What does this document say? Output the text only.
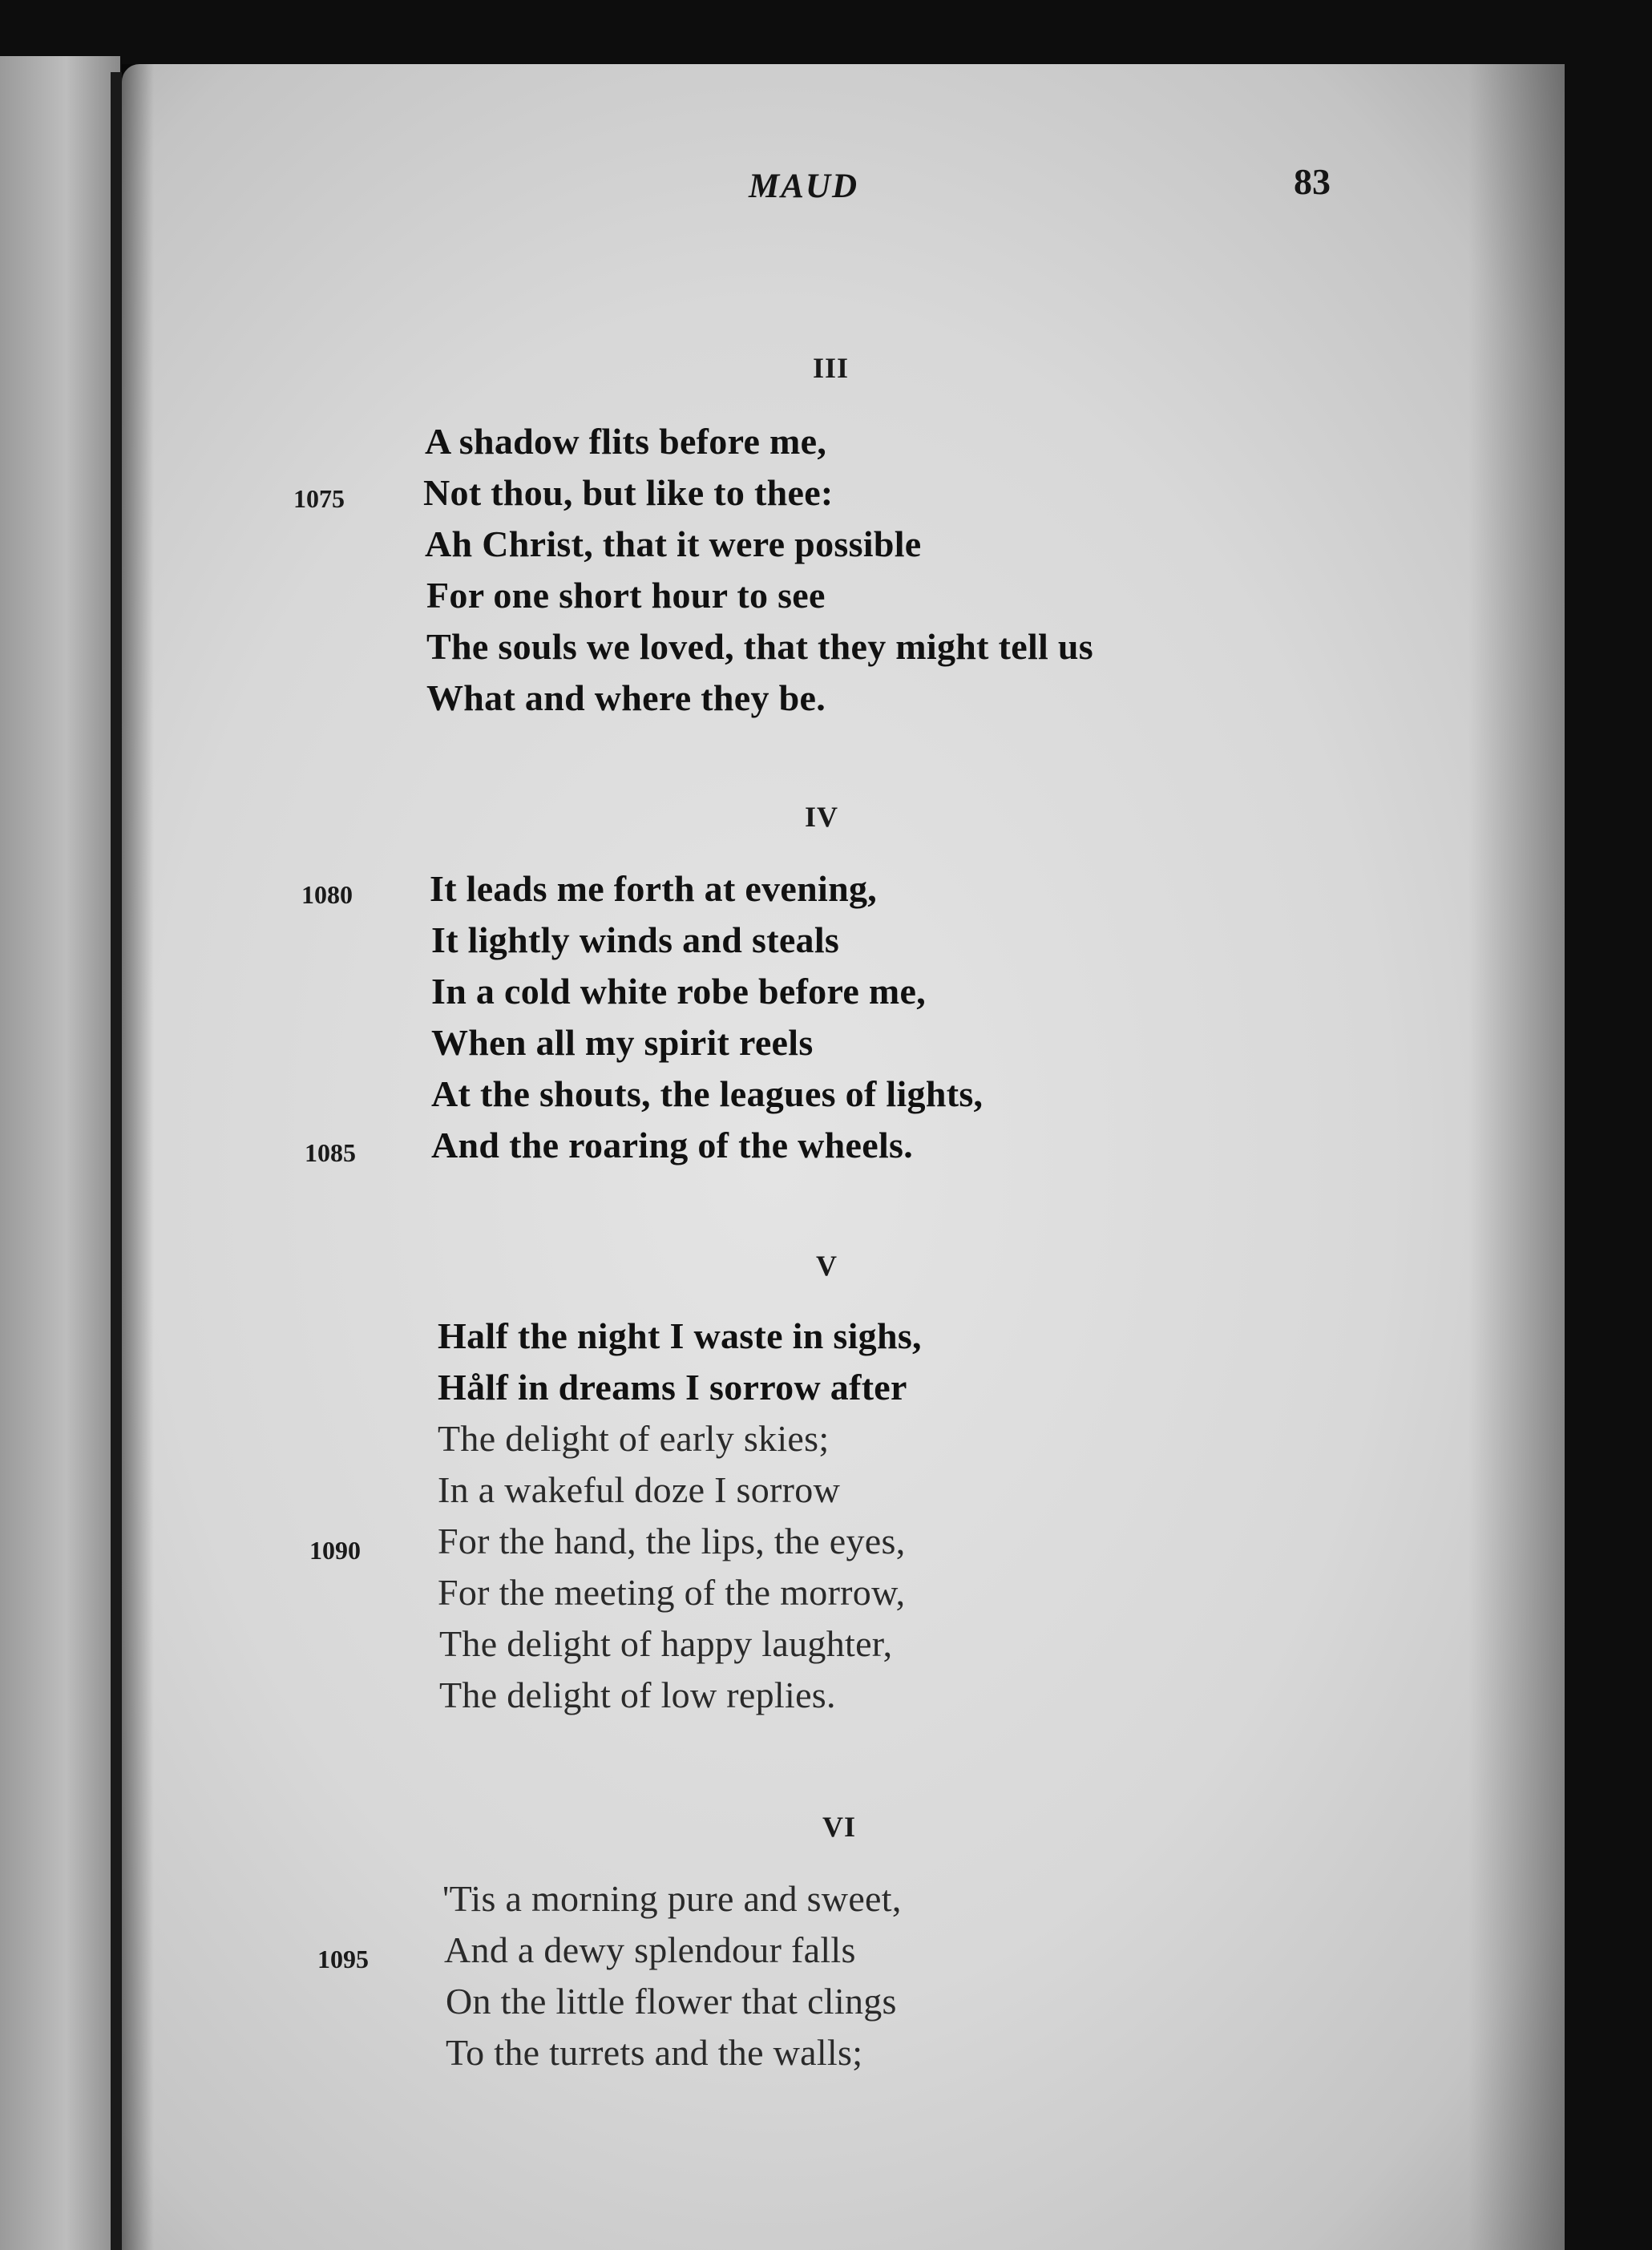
MAUD	83
III
A shadow flits before me,
1075 Not thou, but like to thee:
Ah Christ, that it were possible
For one short hour to see
The souls we loved, that they might tell us
What and where they be.
IV
1080 It leads me forth at evening,
It lightly winds and steals
In a cold white robe before me,
When all my spirit reels
At the shouts, the leagues of lights,
1085 And the roaring of the wheels.
V
Half the night I waste in sighs,
Hålf in dreams I sorrow after
The delight of early skies;
In a wakeful doze I sorrow
1090 For the hand, the lips, the eyes,
For the meeting of the morrow,
The delight of happy laughter,
The delight of low replies.
VI
'Tis a morning pure and sweet,
1095 And a dewy splendour falls
On the little flower that clings
To the turrets and the walls;
